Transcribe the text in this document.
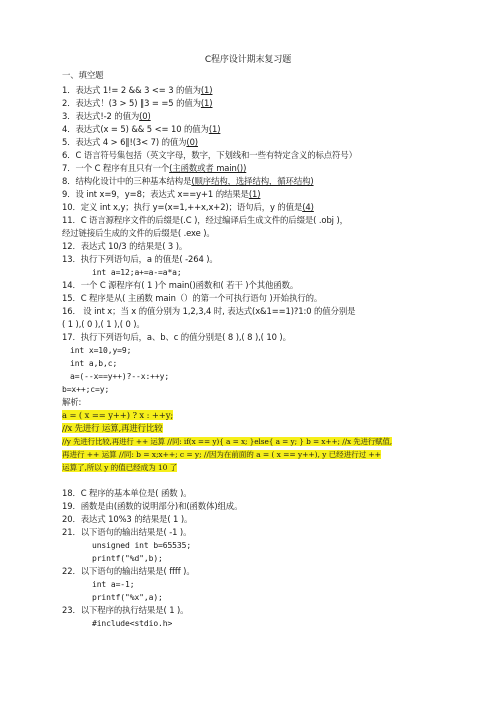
C程序设计期末复习题
一、填空题
1．表达式 1!= 2 && 3 <= 3 的值为(1)
2．表达式！(3 > 5) ‖3 = =5 的值为(1)
3．表达式!-2 的值为(0)
4．表达式(x = 5) && 5 <= 10 的值为(1)
5．表达式 4 > 6‖!(3< 7) 的值为(0)
6．C 语言符号集包括（英文字母，数字，下划线和一些有特定含义的标点符号）
7．一个 C 程序有且只有一个(主函数或者 main())
8．结构化设计中的三种基本结构是(顺序结构，选择结构，循环结构)
9．设 int x=9，y=8；表达式 x==y+1 的结果是(1)
10．定义 int x,y；执行 y=(x=1,++x,x+2)；语句后，y 的值是(4)
11．C 语言源程序文件的后缀是(.C )，经过编译后生成文件的后缀是( .obj )，
经过链接后生成的文件的后缀是( .exe )。
12．表达式 10/3 的结果是( 3 )。
13．执行下列语句后，a 的值是( -264 )。
int a=12;a+=a-=a*a;
14．一个 C 源程序有( 1 )个 main()函数和( 若干 )个其他函数。
15．C 程序是从( 主函数 main（）的第一个可执行语句 )开始执行的。
16． 设 int x；当 x 的值分别为 1,2,3,4 时, 表达式(x&1==1)?1:0 的值分别是
( 1 ),( 0 ),( 1 ),( 0 )。
17．执行下列语句后，a、b、c 的值分别是( 8 ),( 8 ),( 10 )。
int x=10,y=9;
int a,b,c;
a=(--x==y++)?--x:++y;
b=x++;c=y;
解析:
a = ( x == y++) ? x : ++y;
//x 先进行 运算,再进行比较
//y 先进行比较,再进行 ++ 运算 //同: if(x == y){ a = x; }else{ a = y; } b = x++; //x 先进行赋值,
再进行 ++ 运算 //同: b = x;x++; c = y; //因为在前面的 a = ( x == y++), y 已经进行过 ++
运算了,所以 y 的值已经成为 10 了
18．C 程序的基本单位是( 函数 )。
19．函数是由(函数的说明部分)和(函数体)组成。
20．表达式 10%3 的结果是( 1 )。
21．以下语句的输出结果是( -1 )。
unsigned int b=65535;
printf("%d",b);
22．以下语句的输出结果是( ffff )。
int a=-1;
printf("%x",a);
23．以下程序的执行结果是( 1 )。
#include<stdio.h>
